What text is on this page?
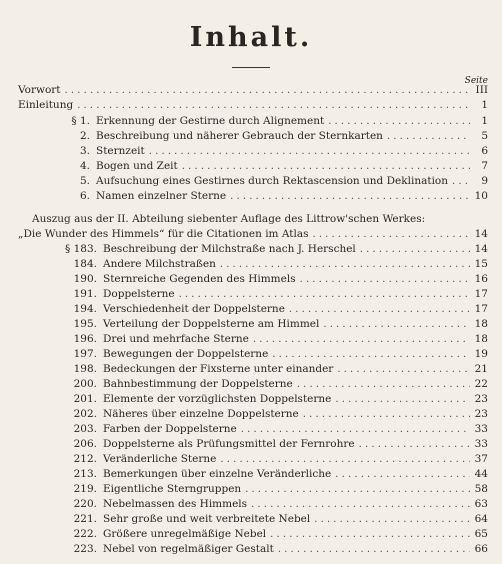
Inhalt.
Seite
Vorwort . . .	III
Einleitung . . .	1
§ 1. Erkennung der Gestirne durch Alignement . . .	1
2. Beschreibung und näherer Gebrauch der Sternkarten . . .	5
3. Sternzeit . . .	6
4. Bogen und Zeit . . .	7
5. Aufsuchung eines Gestirnes durch Rektascension und Deklination . . .	9
6. Namen einzelner Sterne . . .	10
Auszug aus der II. Abteilung siebenter Auflage des Littrow'schen Werkes:
„Die Wunder des Himmels“ für die Citationen im Atlas . . .	14
§ 183. Beschreibung der Milchstraße nach J. Herschel . . .	14
184. Andere Milchstraßen . . .	15
190. Sternreiche Gegenden des Himmels . . .	16
191. Doppelsterne . . .	17
194. Verschiedenheit der Doppelsterne . . .	17
195. Verteilung der Doppelsterne am Himmel . . .	18
196. Drei und mehrfache Sterne . . .	18
197. Bewegungen der Doppelsterne . . .	19
198. Bedeckungen der Fixsterne unter einander . . .	21
200. Bahnbestimmung der Doppelsterne . . .	22
201. Elemente der vorzüglichsten Doppelsterne . . .	23
202. Näheres über einzelne Doppelsterne . . .	23
203. Farben der Doppelsterne . . .	33
206. Doppelsterne als Prüfungsmittel der Fernrohre . . .	33
212. Veränderliche Sterne . . .	37
213. Bemerkungen über einzelne Veränderliche . . .	44
219. Eigentliche Sterngruppen . . .	58
220. Nebelmassen des Himmels . . .	63
221. Sehr große und weit verbreitete Nebel . . .	64
222. Größere unregelmäßige Nebel . . .	65
223. Nebel von regelmäßiger Gestalt . . .	66
